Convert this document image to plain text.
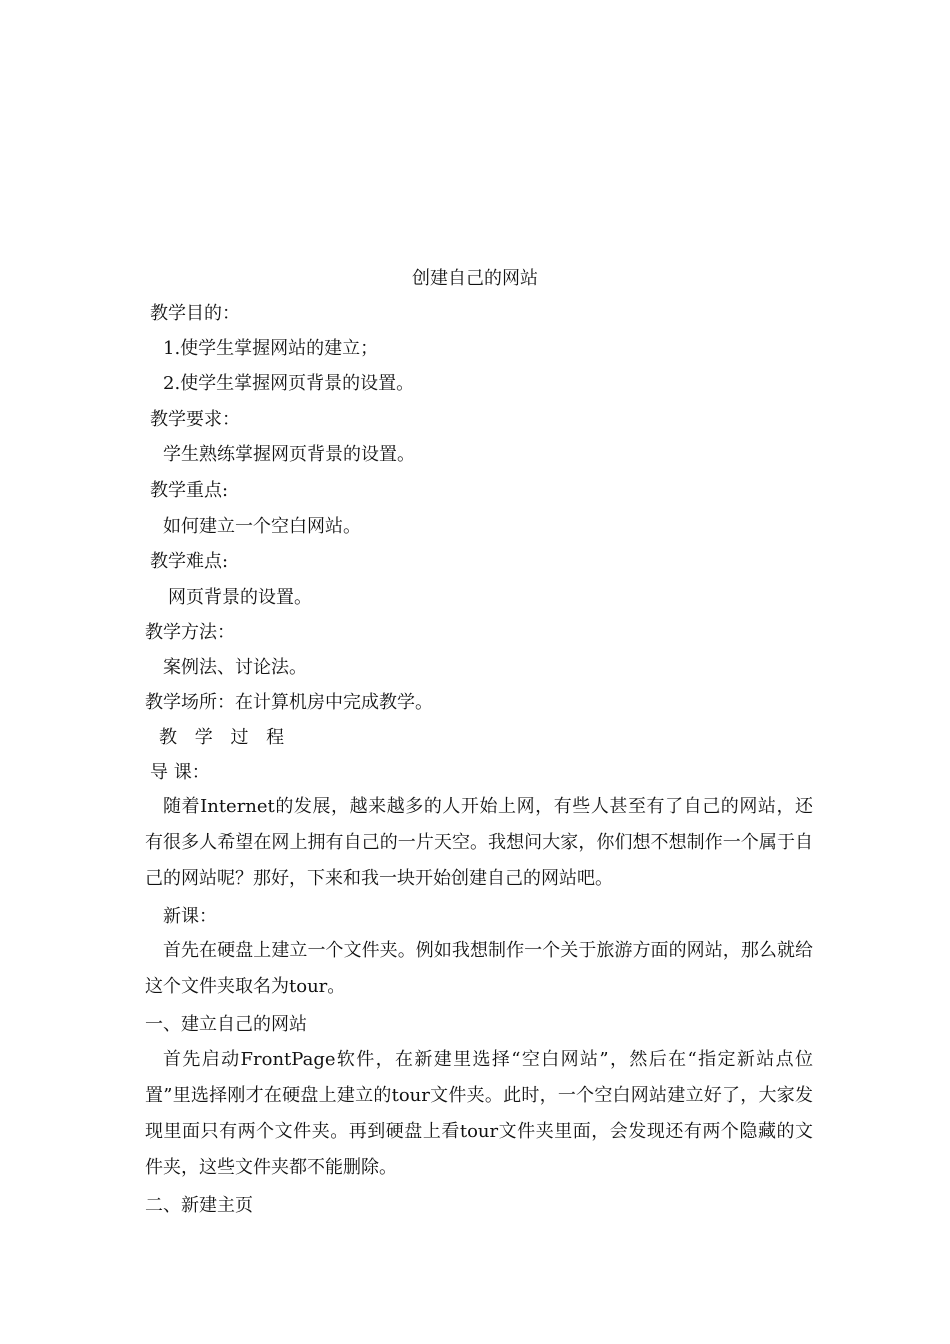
创建自己的网站
教学目的：
1.使学生掌握网站的建立；
2.使学生掌握网页背景的设置。
教学要求：
学生熟练掌握网页背景的设置。
教学重点:
如何建立一个空白网站。
教学难点:
网页背景的设置。
教学方法：
案例法、讨论法。
教学场所：在计算机房中完成教学。
教 学 过 程
导 课：
随着Internet的发展，越来越多的人开始上网，有些人甚至有了自己的网站，还有很多人希望在网上拥有自己的一片天空。我想问大家，你们想不想制作一个属于自己的网站呢？那好，下来和我一块开始创建自己的网站吧。
新课：
首先在硬盘上建立一个文件夹。例如我想制作一个关于旅游方面的网站，那么就给这个文件夹取名为tour。
一、建立自己的网站
首先启动FrontPage软件，在新建里选择“空白网站”，然后在“指定新站点位置”里选择刚才在硬盘上建立的tour文件夹。此时，一个空白网站建立好了，大家发现里面只有两个文件夹。再到硬盘上看tour文件夹里面，会发现还有两个隐藏的文件夹，这些文件夹都不能删除。
二、新建主页
